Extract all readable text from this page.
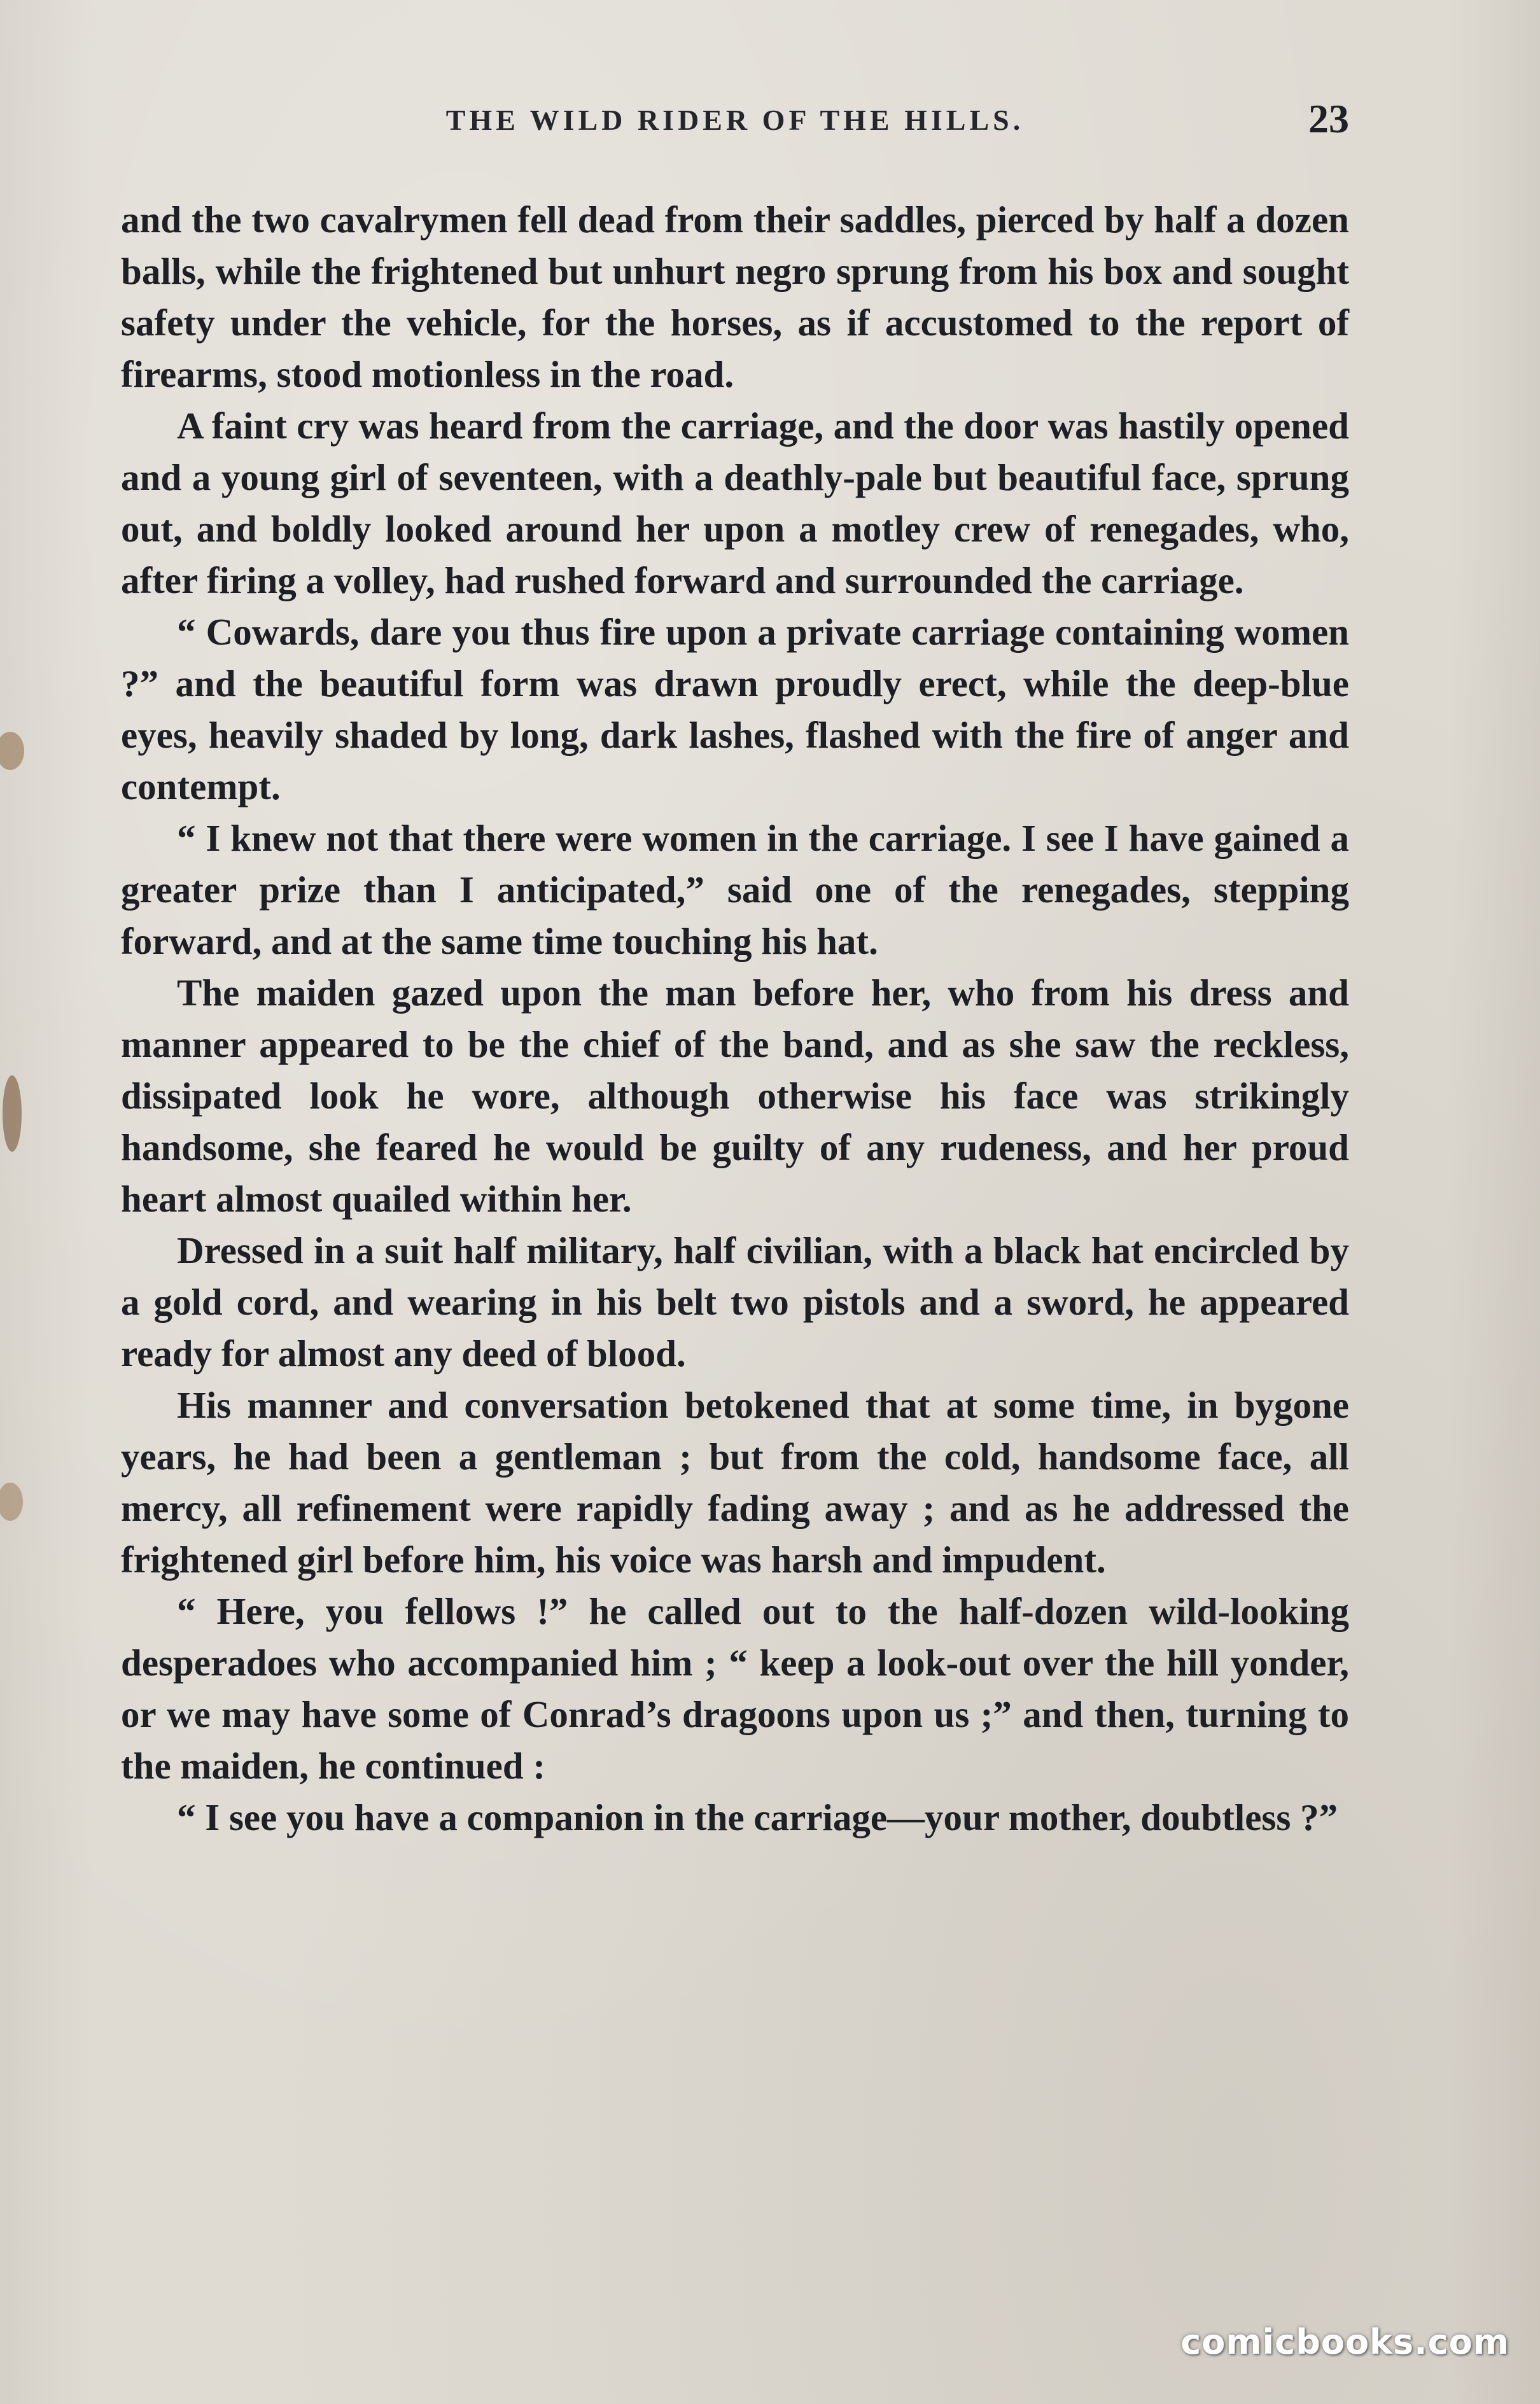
THE WILD RIDER OF THE HILLS.	23

and the two cavalrymen fell dead from their saddles, pierced by half a dozen balls, while the frightened but unhurt negro sprung from his box and sought safety under the vehicle, for the horses, as if accustomed to the report of firearms, stood motionless in the road.

A faint cry was heard from the carriage, and the door was hastily opened and a young girl of seventeen, with a deathly-pale but beautiful face, sprung out, and boldly looked around her upon a motley crew of renegades, who, after firing a volley, had rushed forward and surrounded the carriage.

“ Cowards, dare you thus fire upon a private carriage containing women ?” and the beautiful form was drawn proudly erect, while the deep-blue eyes, heavily shaded by long, dark lashes, flashed with the fire of anger and contempt.

“ I knew not that there were women in the carriage. I see I have gained a greater prize than I anticipated,” said one of the renegades, stepping forward, and at the same time touching his hat.

The maiden gazed upon the man before her, who from his dress and manner appeared to be the chief of the band, and as she saw the reckless, dissipated look he wore, although otherwise his face was strikingly handsome, she feared he would be guilty of any rudeness, and her proud heart almost quailed within her.

Dressed in a suit half military, half civilian, with a black hat encircled by a gold cord, and wearing in his belt two pistols and a sword, he appeared ready for almost any deed of blood.

His manner and conversation betokened that at some time, in bygone years, he had been a gentleman ; but from the cold, handsome face, all mercy, all refinement were rapidly fading away ; and as he addressed the frightened girl before him, his voice was harsh and impudent.

“ Here, you fellows !” he called out to the half-dozen wild-looking desperadoes who accompanied him ; “ keep a look-out over the hill yonder, or we may have some of Conrad’s dragoons upon us ;” and then, turning to the maiden, he continued :

“ I see you have a companion in the carriage—your mother, doubtless ?”

comicbooks.com
